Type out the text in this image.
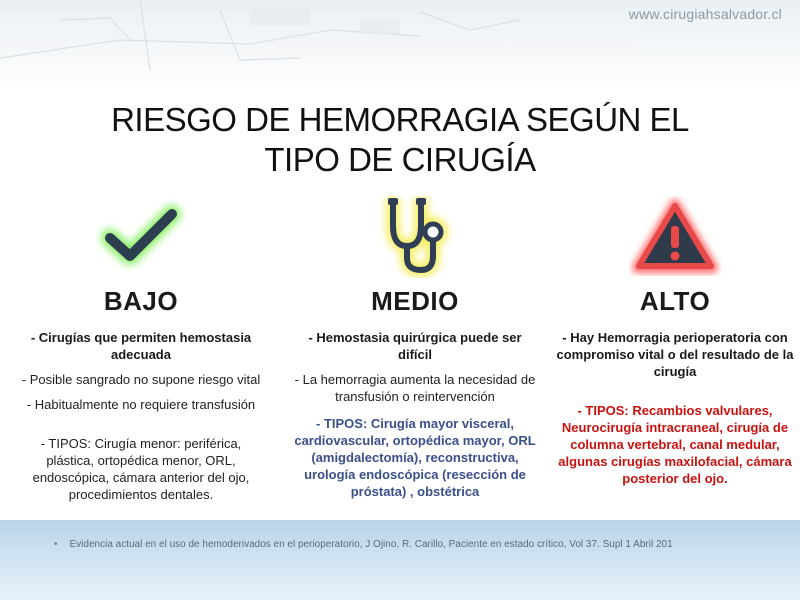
www.cirugiahsalvador.cl
RIESGO DE HEMORRAGIA SEGÚN EL
TIPO DE CIRUGÍA
BAJO
- Cirugías que permiten hemostasia adecuada
- Posible sangrado no supone riesgo vital
- Habitualmente no requiere transfusión
- TIPOS: Cirugía menor: periférica, plástica, ortopédica menor, ORL, endoscópica, cámara anterior del ojo, procedimientos dentales.
MEDIO
- Hemostasia quirúrgica puede ser difícil
- La hemorragia aumenta la necesidad de transfusión o reintervención
- TIPOS: Cirugía mayor visceral, cardiovascular, ortopédica mayor, ORL (amigdalectomía), reconstructiva, urología endoscópica (resección de próstata) , obstétrica
ALTO
- Hay Hemorragia perioperatoria con compromiso vital o del resultado de la cirugía
- TIPOS: Recambios valvulares, Neurocirugía intracraneal, cirugía de columna vertebral, canal medular, algunas cirugías maxilofacial, cámara posterior del ojo.
• Evidencia actual en el uso de hemoderivados en el perioperatorio, J Ojino, R. Carillo, Paciente en estado crítico, Vol 37. Supl 1 Abril 201
